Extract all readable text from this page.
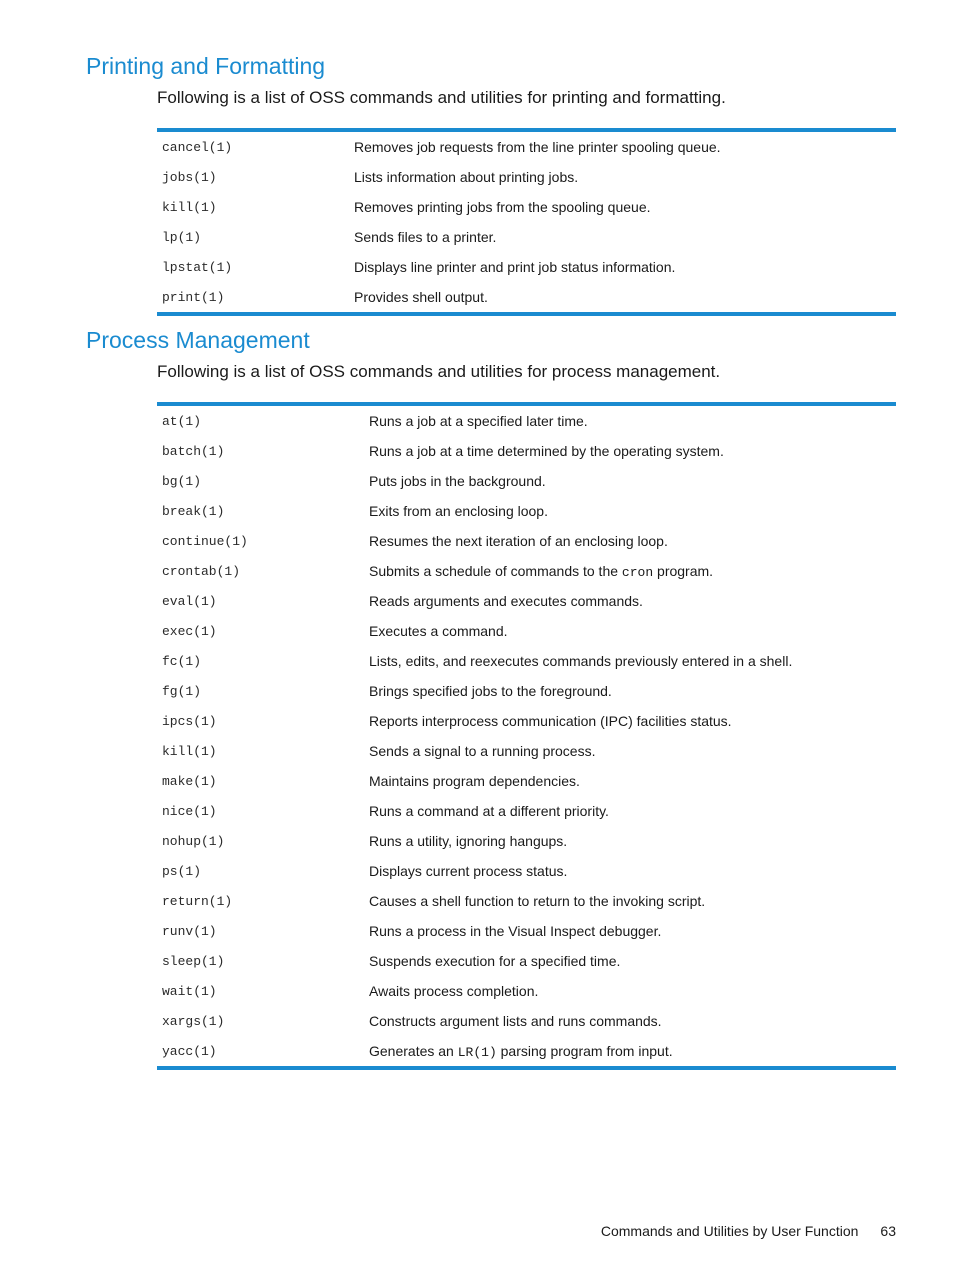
Printing and Formatting

Following is a list of OSS commands and utilities for printing and formatting.

cancel(1)	Removes job requests from the line printer spooling queue.
jobs(1)	Lists information about printing jobs.
kill(1)	Removes printing jobs from the spooling queue.
lp(1)	Sends files to a printer.
lpstat(1)	Displays line printer and print job status information.
print(1)	Provides shell output.
Process Management

Following is a list of OSS commands and utilities for process management.

at(1)	Runs a job at a specified later time.
batch(1)	Runs a job at a time determined by the operating system.
bg(1)	Puts jobs in the background.
break(1)	Exits from an enclosing loop.
continue(1)	Resumes the next iteration of an enclosing loop.
crontab(1)	Submits a schedule of commands to the cron program.
eval(1)	Reads arguments and executes commands.
exec(1)	Executes a command.
fc(1)	Lists, edits, and reexecutes commands previously entered in a shell.
fg(1)	Brings specified jobs to the foreground.
ipcs(1)	Reports interprocess communication (IPC) facilities status.
kill(1)	Sends a signal to a running process.
make(1)	Maintains program dependencies.
nice(1)	Runs a command at a different priority.
nohup(1)	Runs a utility, ignoring hangups.
ps(1)	Displays current process status.
return(1)	Causes a shell function to return to the invoking script.
runv(1)	Runs a process in the Visual Inspect debugger.
sleep(1)	Suspends execution for a specified time.
wait(1)	Awaits process completion.
xargs(1)	Constructs argument lists and runs commands.
yacc(1)	Generates an LR(1) parsing program from input.
Commands and Utilities by User Function 63
